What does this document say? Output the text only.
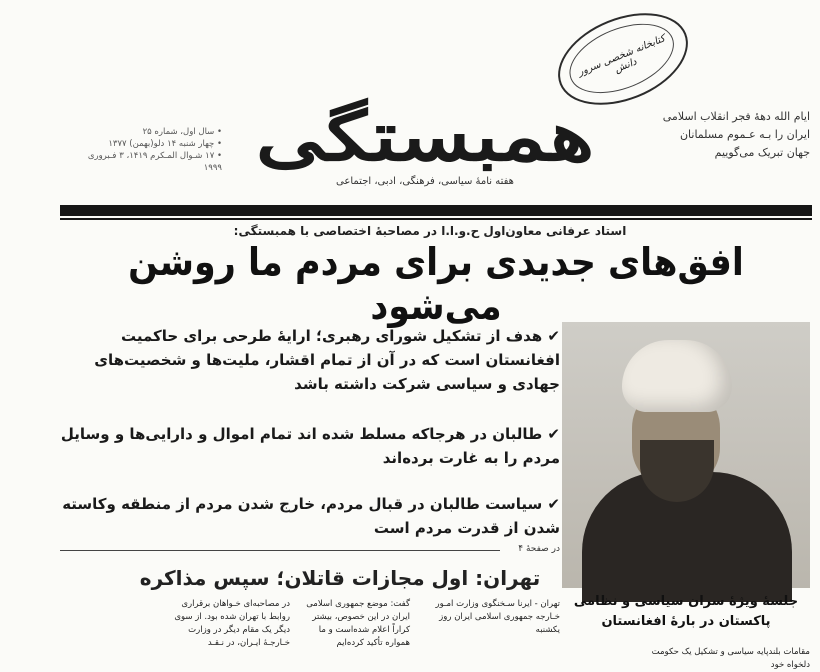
ایام الله دههٔ فجر انقلاب اسلامی
ایران را بـه عـموم مسلمانان
جهان تبریک می‌گوییم
همبستگی
هفته نامهٔ سیاسی، فرهنگی، ادبی، اجتماعی
• سال اول، شماره ۲۵
• چهار شنبه ۱۴ دلو(بهمن) ۱۳۷۷
• ۱۷ شـوال المـکرم ۱۴۱۹، ۳ فـبروری ۱۹۹۹
کتابخانه شخصی سرور دانش
استاد عرفانی معاون‌اول ح.و.ا.ا در مصاحبهٔ اختصاصی با همبستگی:
افق‌های جدیدی برای مردم ما روشن می‌شود
✔ هدف از تشکیل شورای رهبری؛ ارایهٔ طرحی برای حاکمیت افغانستان است که در آن از تمام اقشار، ملیت‌ها و شخصیت‌های جهادی و سیاسی شرکت داشته باشد
✔ طالبان در هرجاکه مسلط شده اند تمام اموال و دارایی‌ها و وسایل مردم را به غارت برده‌اند
✔ سیاست طالبان در قبال مردم، خارج شدن مردم از منطقه وکاسته شدن از قدرت مردم است
در صفحهٔ ۴
جلسهٔ ویژهٔ سران سیاسی و نظامی پاکستان در بارهٔ افغانستان
تهران: اول مجازات قاتلان؛ سپس مذاکره
تهران - ایرنا سـخنگوی وزارت امـور خـارجه جمهوری اسلامی ایران روز یکشنبه
گفت: موضع جمهوری اسلامی ایران در این خصوص، بیشتر کراراً اعلام شده‌است و ما همواره تأکید کرده‌ایم
در مصاحبه‌ای خـواهان برقراری روابط با تهران شده بود. از سوی دیگر یک مقام دیگر در وزارت خـارجـهٔ ایـران، در نـقـد
مقامات بلندپایه سیاسی و تشکیل یک حکومت دلخواه خود
